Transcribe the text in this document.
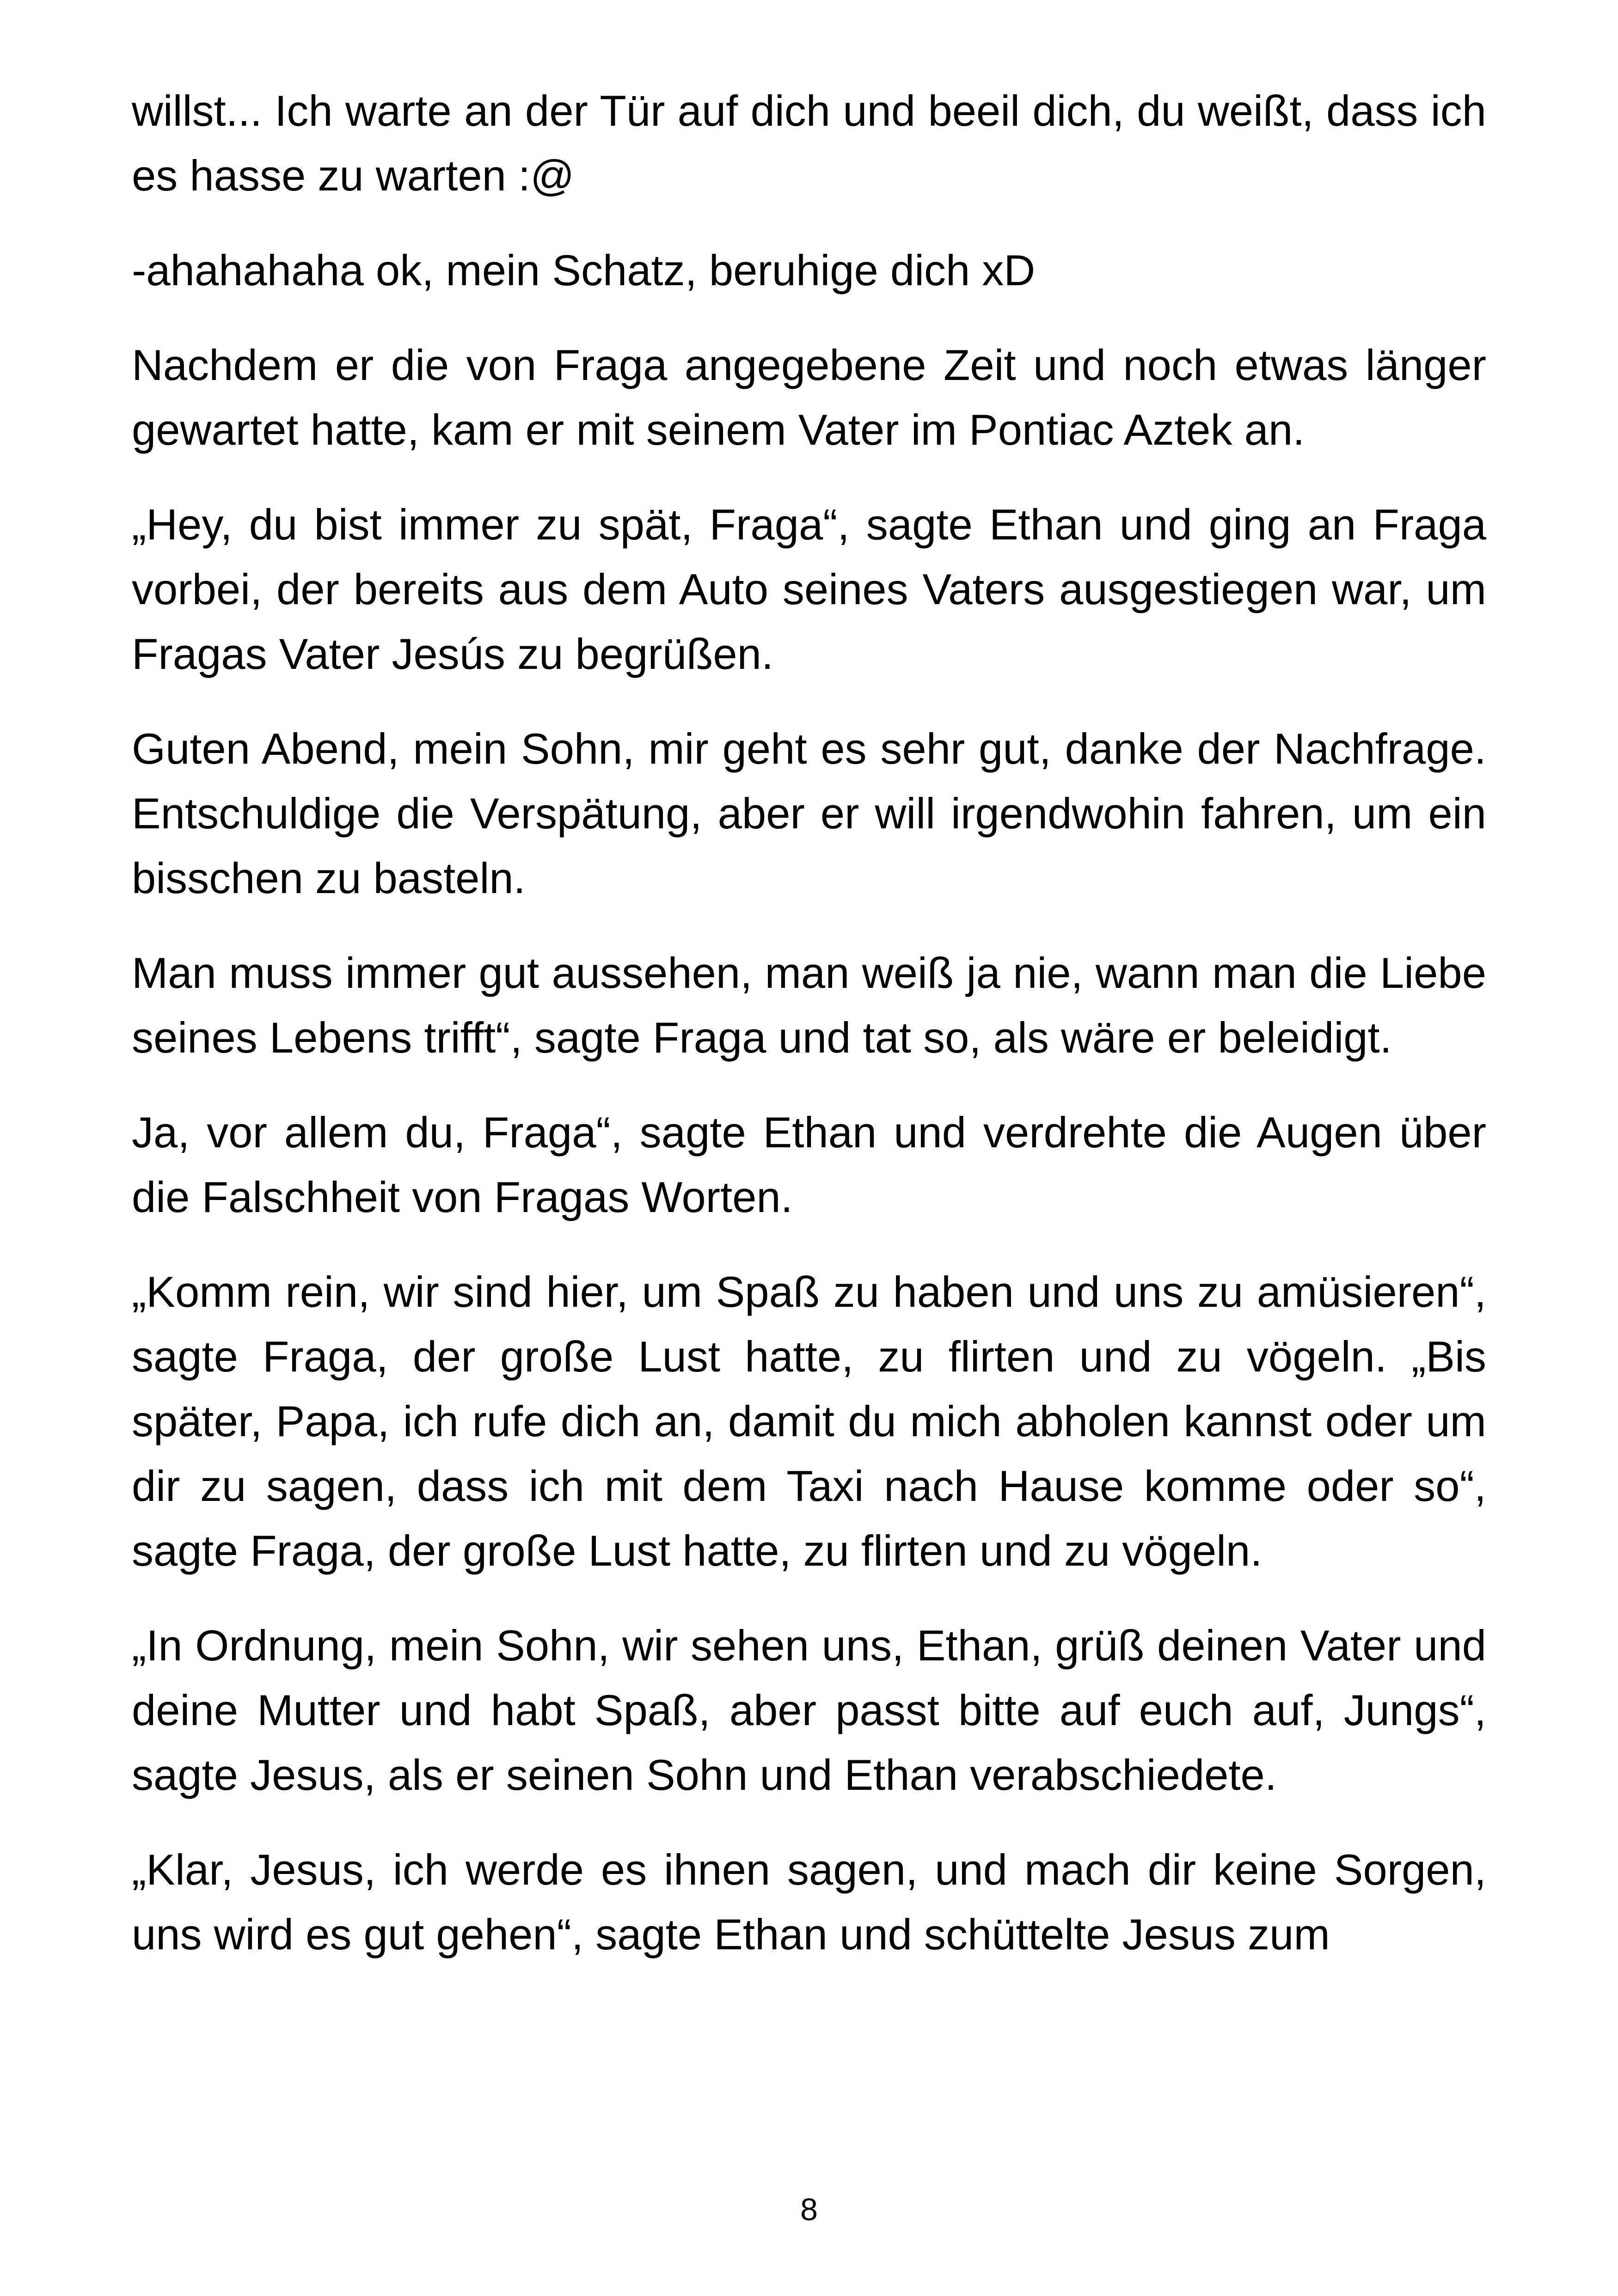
willst... Ich warte an der Tür auf dich und beeil dich, du weißt, dass ich es hasse zu warten :@

-ahahahaha ok, mein Schatz, beruhige dich xD

Nachdem er die von Fraga angegebene Zeit und noch etwas länger gewartet hatte, kam er mit seinem Vater im Pontiac Aztek an.

„Hey, du bist immer zu spät, Fraga“, sagte Ethan und ging an Fraga vorbei, der bereits aus dem Auto seines Vaters ausgestiegen war, um Fragas Vater Jesús zu begrüßen.

Guten Abend, mein Sohn, mir geht es sehr gut, danke der Nachfrage. Entschuldige die Verspätung, aber er will irgendwohin fahren, um ein bisschen zu basteln.

Man muss immer gut aussehen, man weiß ja nie, wann man die Liebe seines Lebens trifft“, sagte Fraga und tat so, als wäre er beleidigt.

Ja, vor allem du, Fraga“, sagte Ethan und verdrehte die Augen über die Falschheit von Fragas Worten.

„Komm rein, wir sind hier, um Spaß zu haben und uns zu amüsieren“, sagte Fraga, der große Lust hatte, zu flirten und zu vögeln. „Bis später, Papa, ich rufe dich an, damit du mich abholen kannst oder um dir zu sagen, dass ich mit dem Taxi nach Hause komme oder so“, sagte Fraga, der große Lust hatte, zu flirten und zu vögeln.

„In Ordnung, mein Sohn, wir sehen uns, Ethan, grüß deinen Vater und deine Mutter und habt Spaß, aber passt bitte auf euch auf, Jungs“, sagte Jesus, als er seinen Sohn und Ethan verabschiedete.

„Klar, Jesus, ich werde es ihnen sagen, und mach dir keine Sorgen, uns wird es gut gehen“, sagte Ethan und schüttelte Jesus zum

8
